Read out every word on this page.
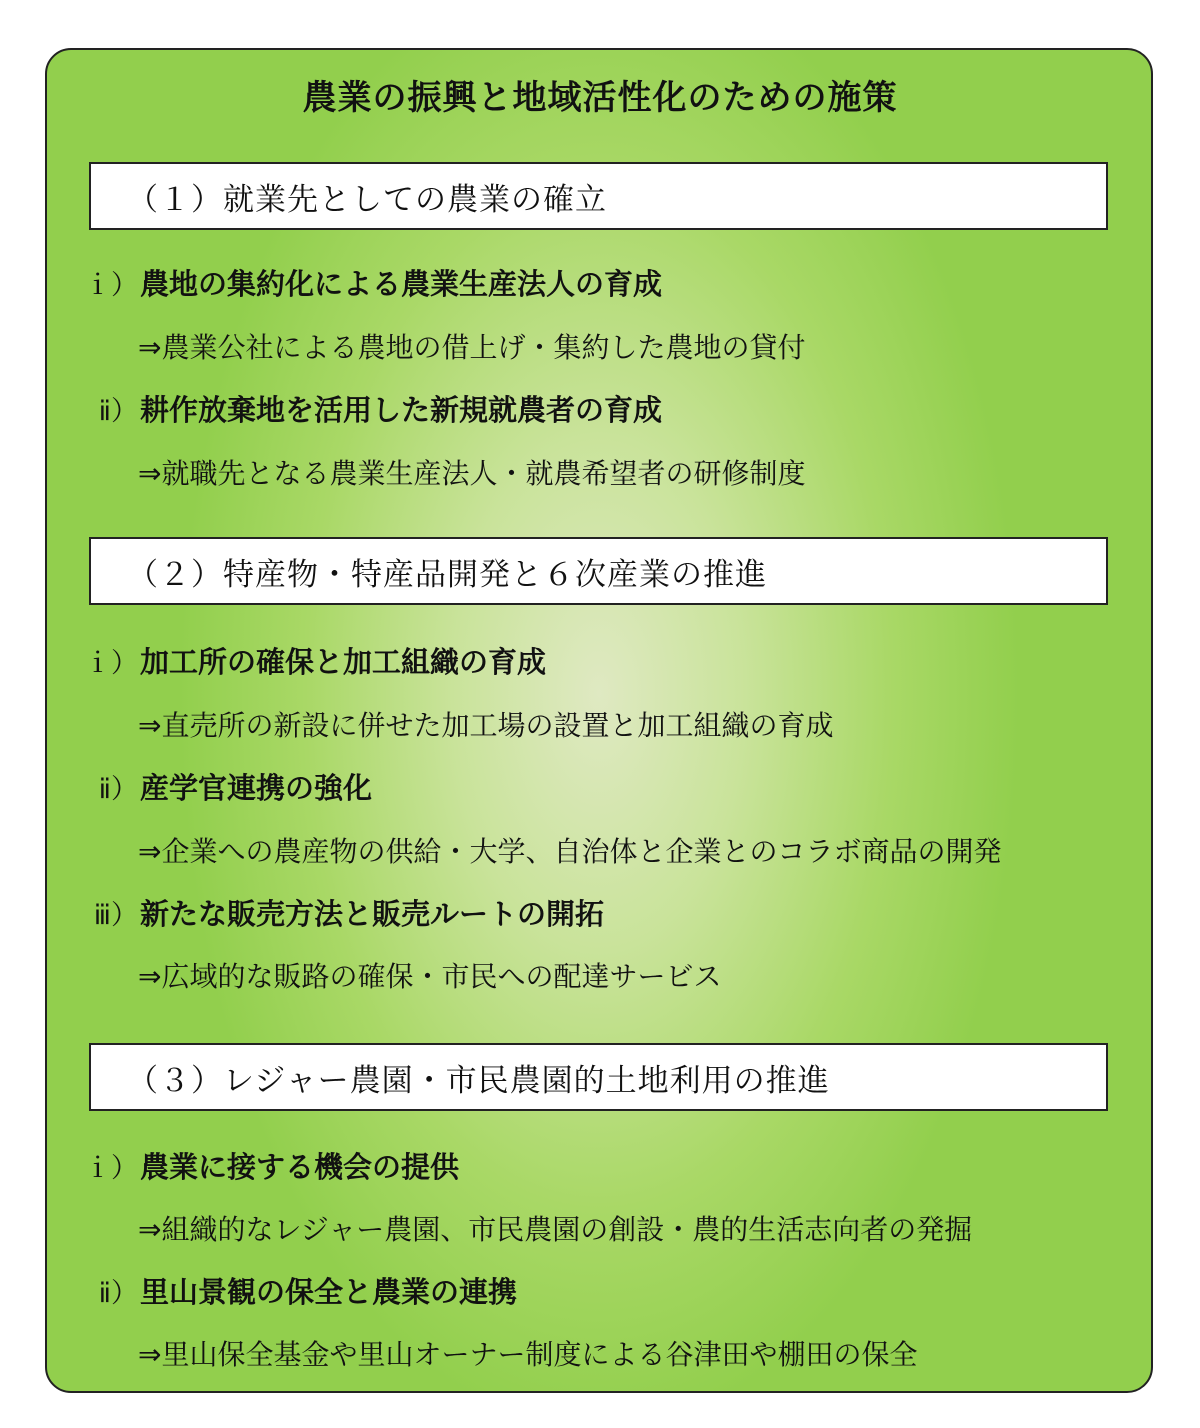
農業の振興と地域活性化のための施策
（１）就業先としての農業の確立
ｉ） 農地の集約化による農業生産法人の育成
⇒農業公社による農地の借上げ・集約した農地の貸付
ⅱ） 耕作放棄地を活用した新規就農者の育成
⇒就職先となる農業生産法人・就農希望者の研修制度
（２）特産物・特産品開発と６次産業の推進
ｉ） 加工所の確保と加工組織の育成
⇒直売所の新設に併せた加工場の設置と加工組織の育成
ⅱ） 産学官連携の強化
⇒企業への農産物の供給・大学、自治体と企業とのコラボ商品の開発
ⅲ） 新たな販売方法と販売ルートの開拓
⇒広域的な販路の確保・市民への配達サービス
（３）レジャー農園・市民農園的土地利用の推進
ｉ） 農業に接する機会の提供
⇒組織的なレジャー農園、市民農園の創設・農的生活志向者の発掘
ⅱ） 里山景観の保全と農業の連携
⇒里山保全基金や里山オーナー制度による谷津田や棚田の保全
